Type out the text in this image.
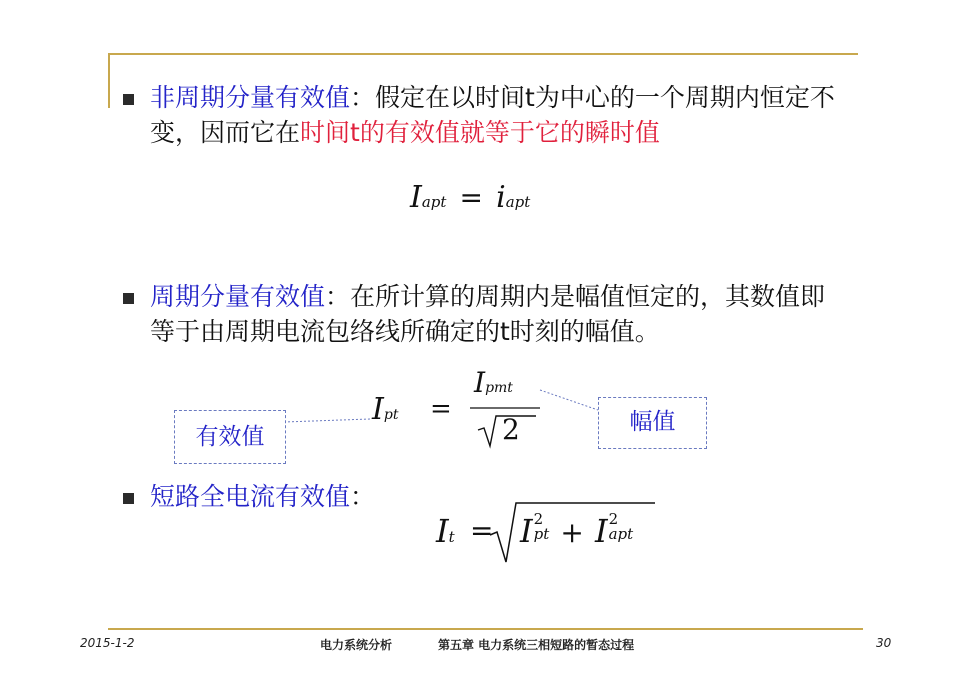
非周期分量有效值：假定在以时间t为中心的一个周期内恒定不变，因而它在时间t的有效值就等于它的瞬时值
Iapt = iapt
周期分量有效值：在所计算的周期内是幅值恒定的，其数值即等于由周期电流包络线所确定的t时刻的幅值。
Ipt =
Ipmt
2
有效值
幅值
短路全电流有效值：
It = I 2
pt + I 2
apt
2015-1-2	电力系统分析	第五章 电力系统三相短路的暂态过程	30
